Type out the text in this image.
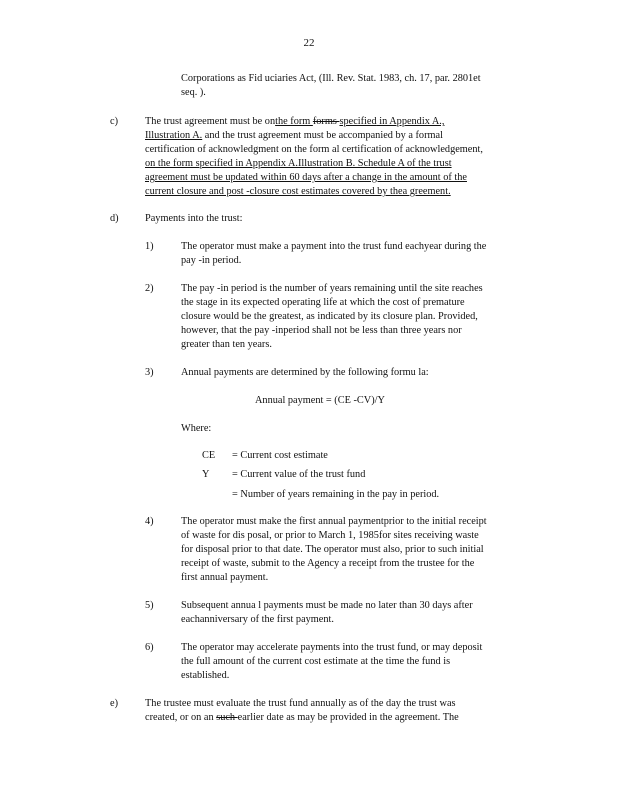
22
Corporations as Fid uciaries Act, (Ill. Rev. Stat. 1983, ch. 17, par. 2801et
seq. ).
c)	The trust agreement must be onthe form forms specified in Appendix A.,
Illustration A. and the trust agreement must be accompanied by a formal
certification of acknowledgment on the form al certification of acknowledgement,
on the form specified in Appendix A.Illustration B. Schedule A of the trust
agreement must be updated within 60 days after a change in the amount of the
current closure and post -closure cost estimates covered by thea greement.
d)	Payments into the trust:
1)	The operator must make a payment into the trust fund eachyear during the
pay -in period.
2)	The pay -in period is the number of years remaining until the site reaches
the stage in its expected operating life at which the cost of premature
closure would be the greatest, as indicated by its closure plan. Provided,
however, that the pay -inperiod shall not be less than three years nor
greater than ten years.
3)	Annual payments are determined by the following formu la:
Annual payment = (CE -CV)/Y
Where:
CE = Current cost estimate
Y = Current value of the trust fund
= Number of years remaining in the pay in period.
4)	The operator must make the first annual paymentprior to the initial receipt
of waste for dis posal, or prior to March 1, 1985for sites receiving waste
for disposal prior to that date. The operator must also, prior to such initial
receipt of waste, submit to the Agency a receipt from the trustee for the
first annual payment.
5)	Subsequent annua l payments must be made no later than 30 days after
eachanniversary of the first payment.
6)	The operator may accelerate payments into the trust fund, or may deposit
the full amount of the current cost estimate at the time the fund is
established.
e)	The trustee must evaluate the trust fund annually as of the day the trust was
created, or on an such earlier date as may be provided in the agreement. The
